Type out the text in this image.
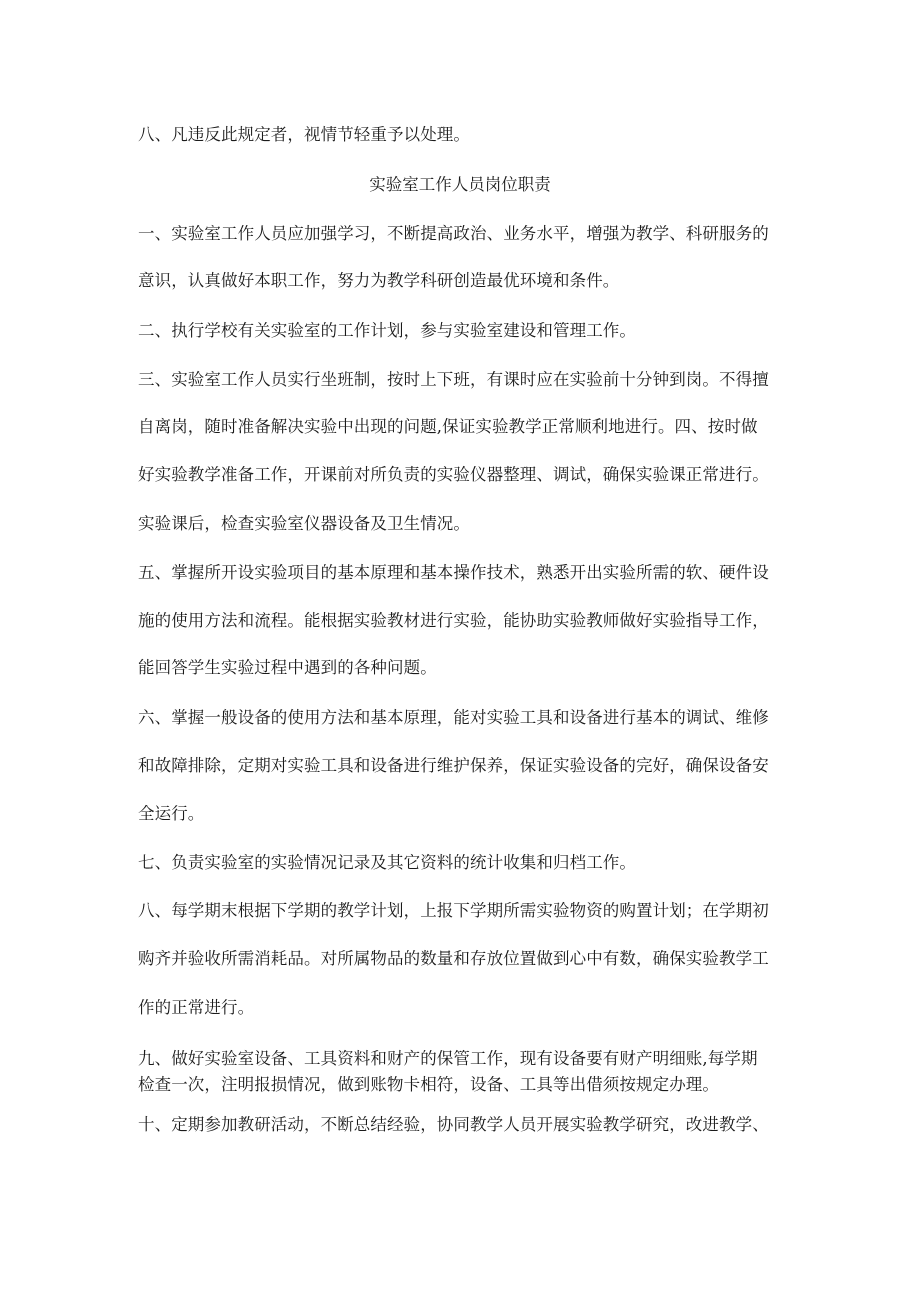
八、凡违反此规定者，视情节轻重予以处理。
实验室工作人员岗位职责
一、实验室工作人员应加强学习，不断提高政治、业务水平，增强为教学、科研服务的
意识，认真做好本职工作，努力为教学科研创造最优环境和条件。
二、执行学校有关实验室的工作计划，参与实验室建设和管理工作。
三、实验室工作人员实行坐班制，按时上下班，有课时应在实验前十分钟到岗。不得擅
自离岗，随时准备解决实验中出现的问题,保证实验教学正常顺利地进行。四、按时做
好实验教学准备工作，开课前对所负责的实验仪器整理、调试，确保实验课正常进行。
实验课后，检查实验室仪器设备及卫生情况。
五、掌握所开设实验项目的基本原理和基本操作技术，熟悉开出实验所需的软、硬件设
施的使用方法和流程。能根据实验教材进行实验，能协助实验教师做好实验指导工作，
能回答学生实验过程中遇到的各种问题。
六、掌握一般设备的使用方法和基本原理，能对实验工具和设备进行基本的调试、维修
和故障排除，定期对实验工具和设备进行维护保养，保证实验设备的完好，确保设备安
全运行。
七、负责实验室的实验情况记录及其它资料的统计收集和归档工作。
八、每学期末根据下学期的教学计划，上报下学期所需实验物资的购置计划；在学期初
购齐并验收所需消耗品。对所属物品的数量和存放位置做到心中有数，确保实验教学工
作的正常进行。
九、做好实验室设备、工具资料和财产的保管工作，现有设备要有财产明细账,每学期
检查一次，注明报损情况，做到账物卡相符，设备、工具等出借须按规定办理。
十、定期参加教研活动，不断总结经验，协同教学人员开展实验教学研究，改进教学、
